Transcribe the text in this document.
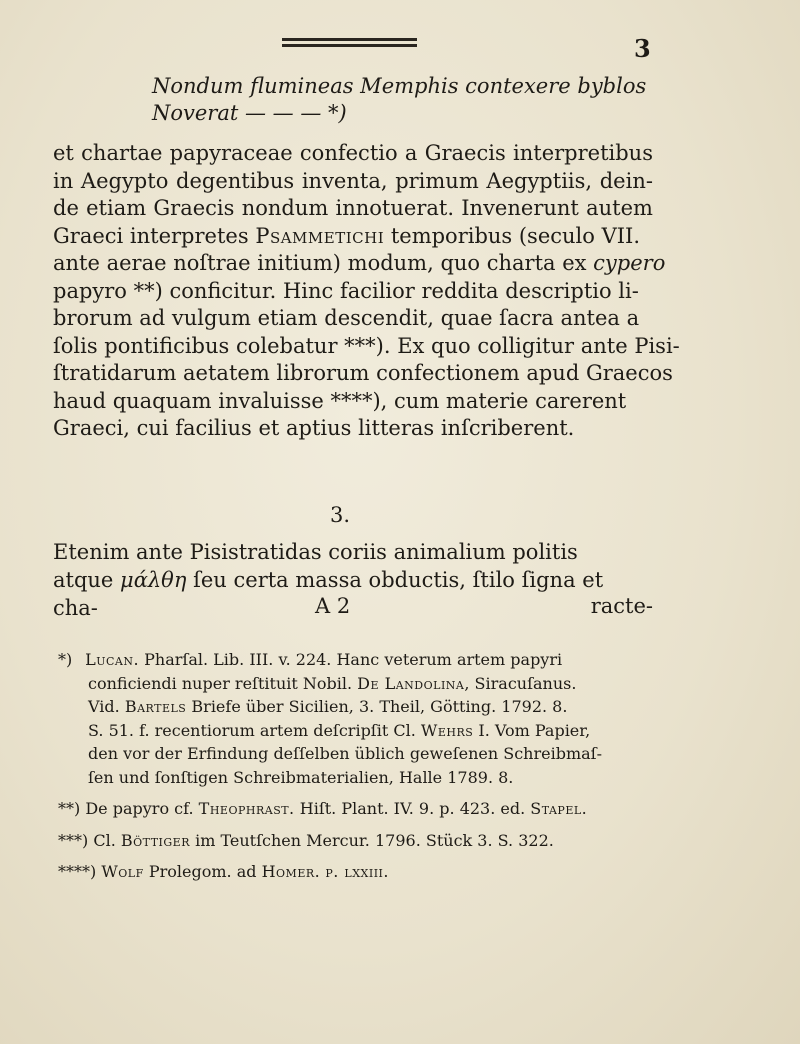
3
Nondum flumineas Memphis contexere byblos
Noverat — — — *)
et chartae papyraceae confectio a Graecis interpretibus
in Aegypto degentibus inventa, primum Aegyptiis, dein-
de etiam Graecis nondum innotuerat. Invenerunt autem
Graeci interpretes Psammetichi temporibus (seculo VII.
ante aerae noſtrae initium) modum, quo charta ex cypero
papyro **) conficitur. Hinc facilior reddita descriptio li-
brorum ad vulgum etiam descendit, quae ſacra antea a
ſolis pontificibus colebatur ***). Ex quo colligitur ante Pisi-
ſtratidarum aetatem librorum confectionem apud Graecos
haud quaquam invaluisse ****), cum materie carerent
Graeci, cui facilius et aptius litteras inſcriberent.
3.
Etenim ante Pisistratidas coriis animalium politis
atque μάλθη ſeu certa massa obductis, ſtilo ſigna et cha-	A 2	racte-
*) Lucan. Pharſal. Lib. III. v. 224. Hanc veterum artem papyri
conficiendi nuper reſtituit Nobil. De Landolina, Siracuſanus.
Vid. Bartels Briefe über Sicilien, 3. Theil, Götting. 1792. 8.
S. 51. f. recentiorum artem deſcripſit Cl. Wehrs I. Vom Papier,
den vor der Erfindung deſſelben üblich geweſenen Schreibmaſ-
ſen und ſonſtigen Schreibmaterialien, Halle 1789. 8.
**) De papyro cf. Theophrast. Hiſt. Plant. IV. 9. p. 423. ed. Stapel.
***) Cl. Böttiger im Teutſchen Mercur. 1796. Stück 3. S. 322.
****) Wolf Prolegom. ad Homer. p. lxxiii.
